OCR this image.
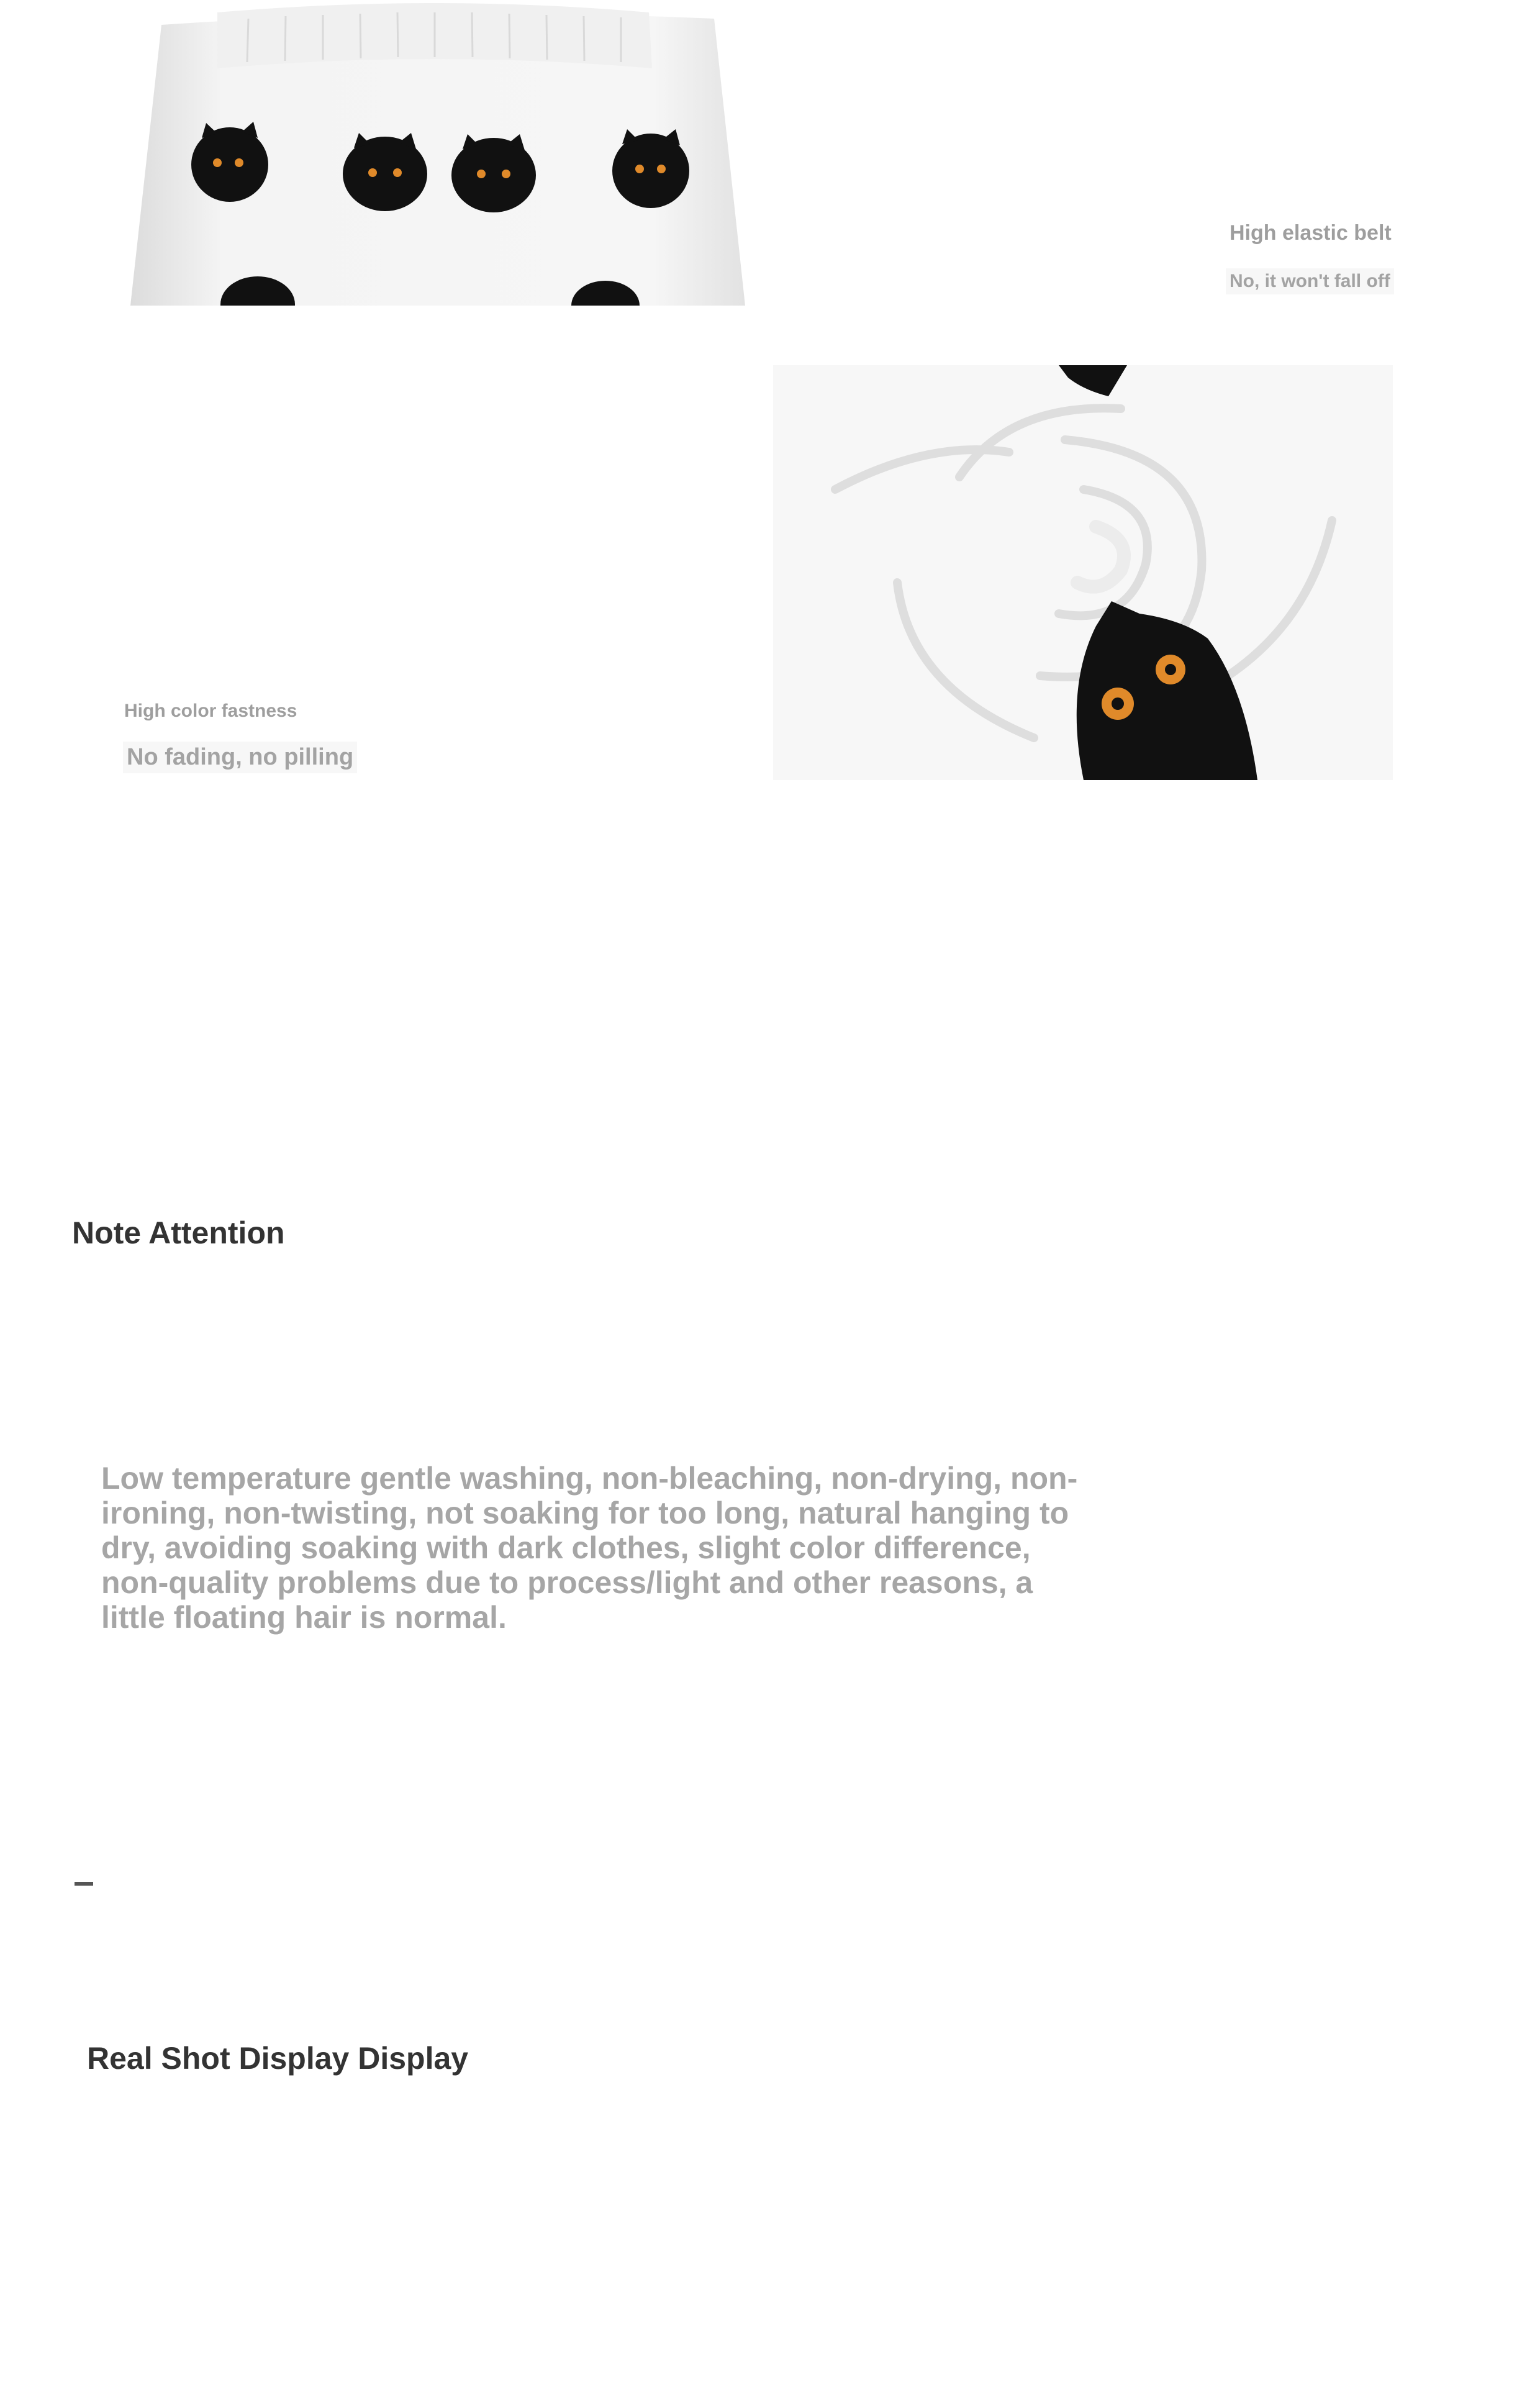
High elastic belt
No, it won't fall off
High color fastness
No fading, no pilling
Note Attention
Low temperature gentle washing, non-bleaching, non-drying, non-ironing, non-twisting, not soaking for too long, natural hanging to dry, avoiding soaking with dark clothes, slight color difference, non-quality problems due to process/light and other reasons, a little floating hair is normal.
Real Shot Display Display
